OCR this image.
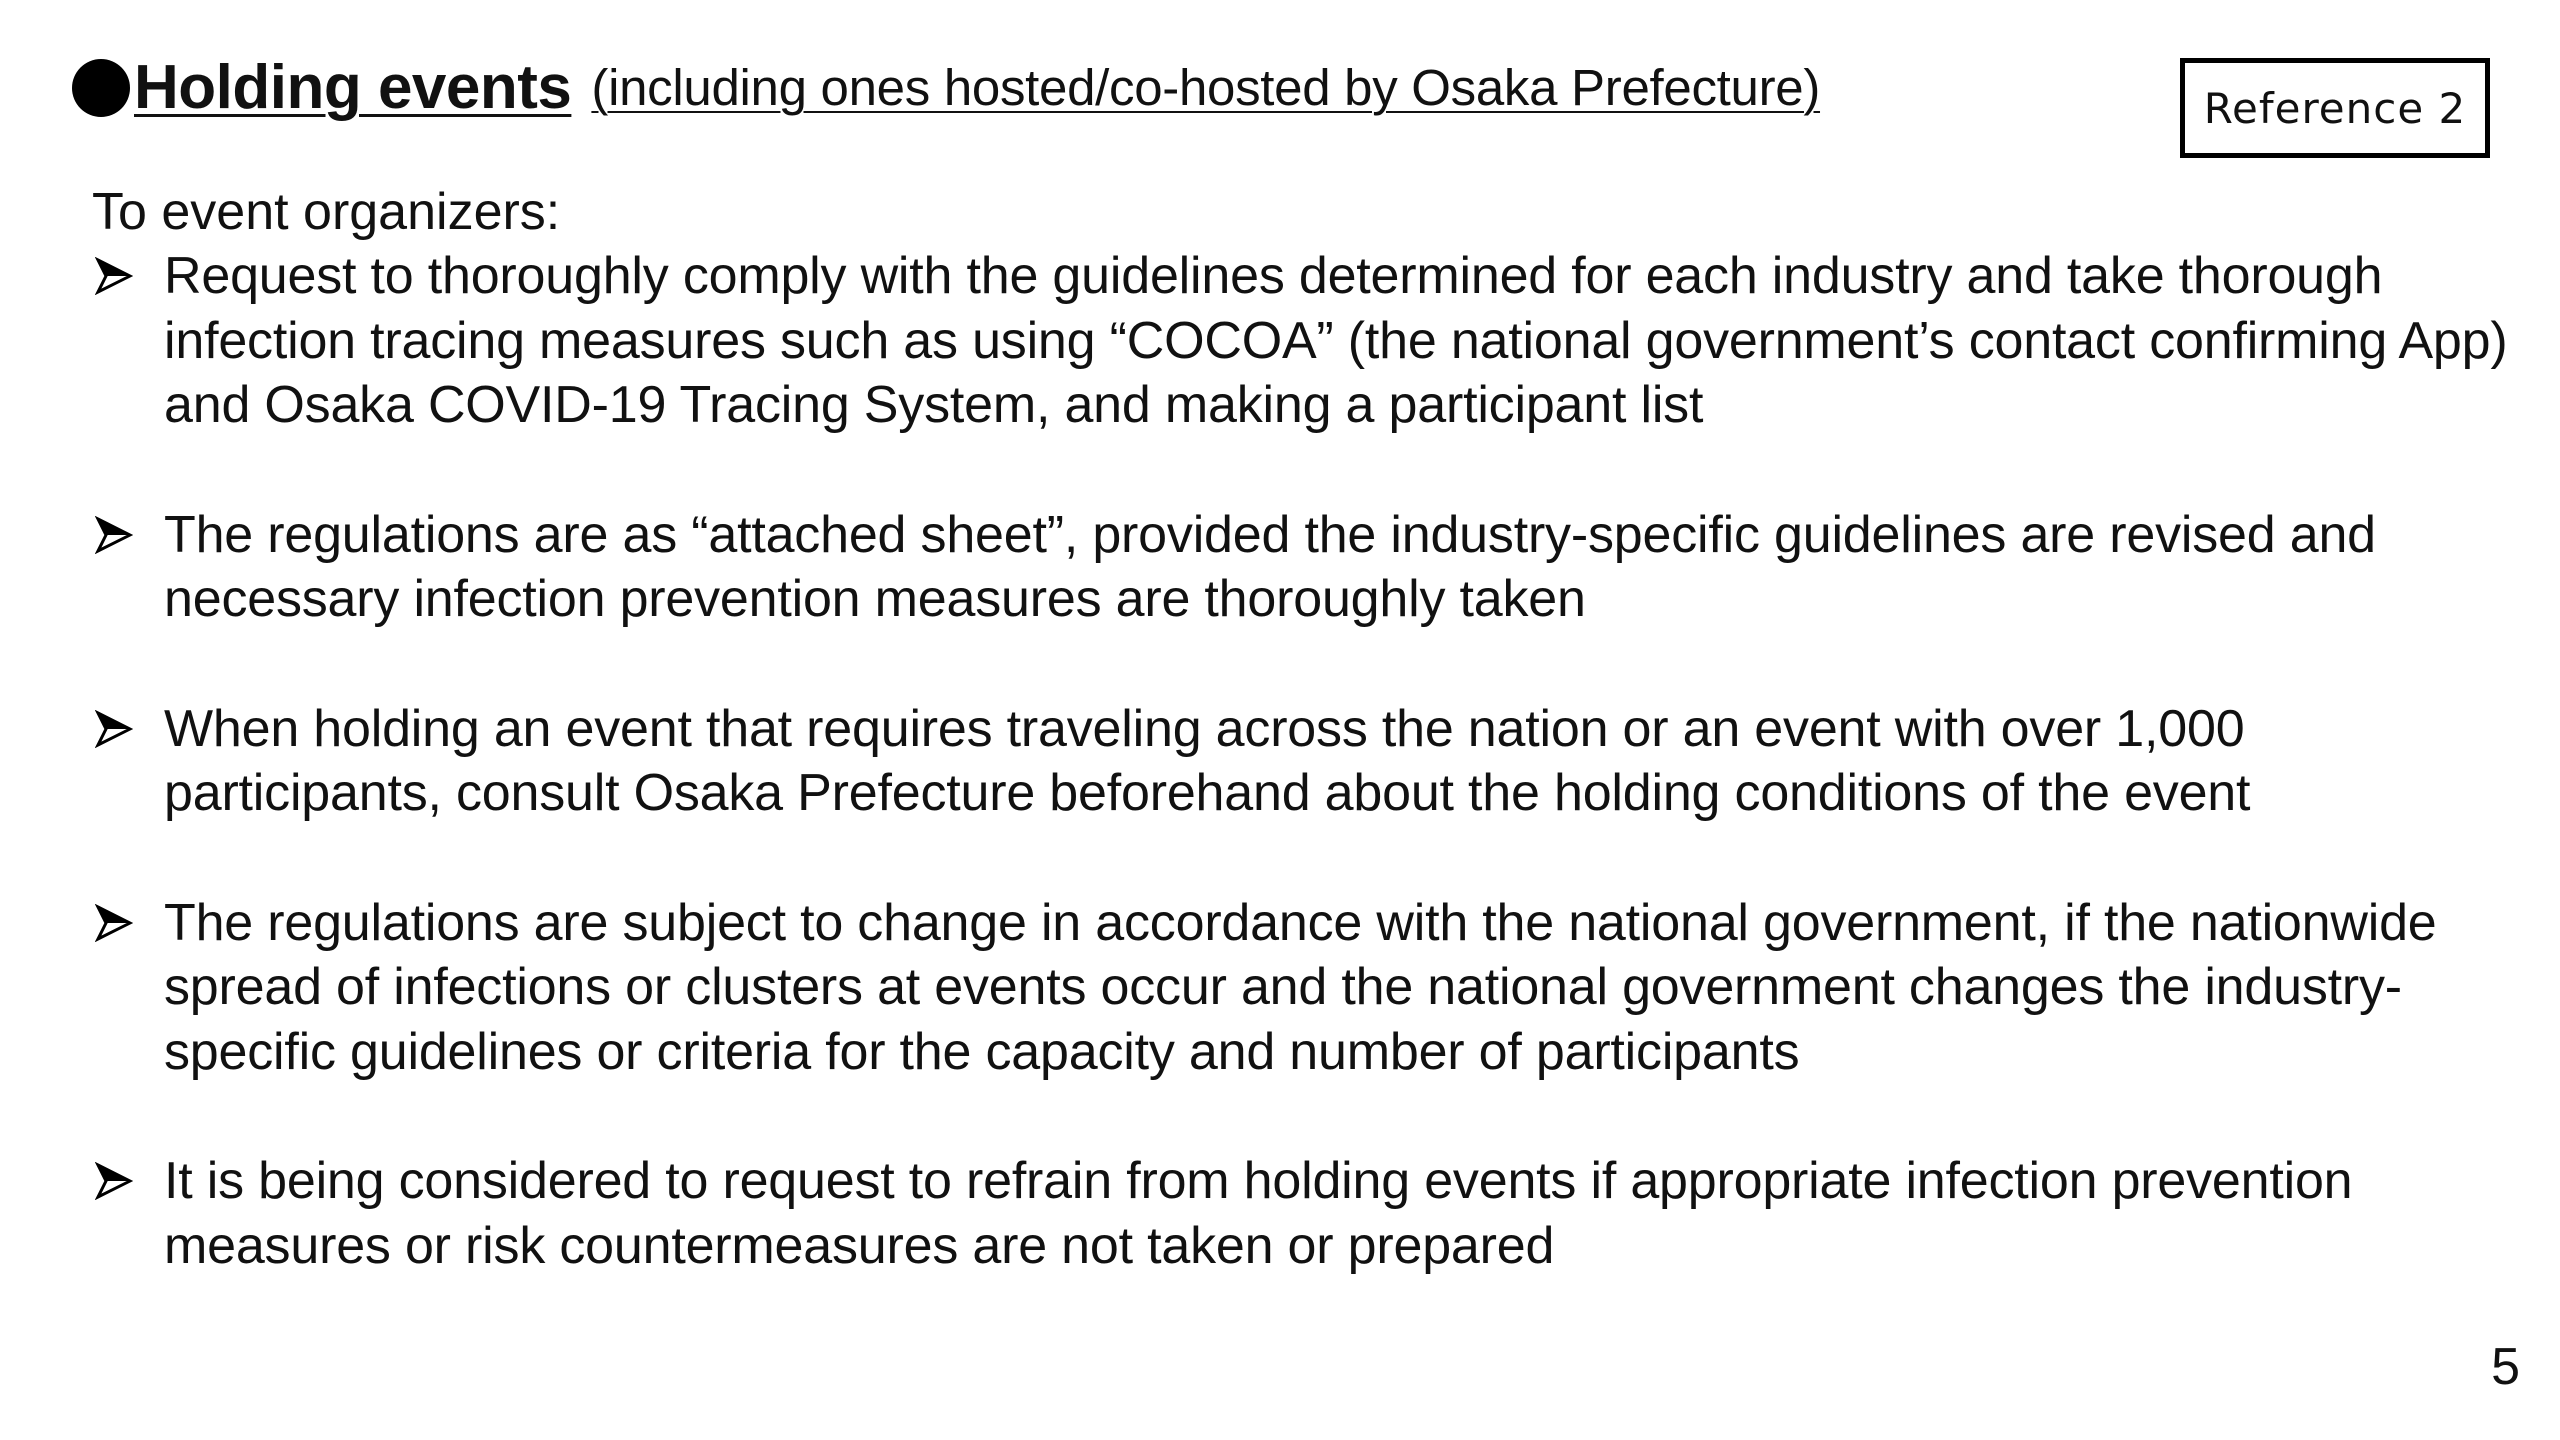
Holding events (including ones hosted/co-hosted by Osaka Prefecture)	Reference 2
To event organizers:
Request to thoroughly comply with the guidelines determined for each industry and take thorough infection tracing measures such as using “COCOA” (the national government’s contact confirming App) and Osaka COVID-19 Tracing System, and making a participant list
The regulations are as “attached sheet”, provided the industry-specific guidelines are revised and necessary infection prevention measures are thoroughly taken
When holding an event that requires traveling across the nation or an event with over 1,000 participants, consult Osaka Prefecture beforehand about the holding conditions of the event
The regulations are subject to change in accordance with the national government, if the nationwide spread of infections or clusters at events occur and the national government changes the industry-specific guidelines or criteria for the capacity and number of participants
It is being considered to request to refrain from holding events if appropriate infection prevention measures or risk countermeasures are not taken or prepared
5
